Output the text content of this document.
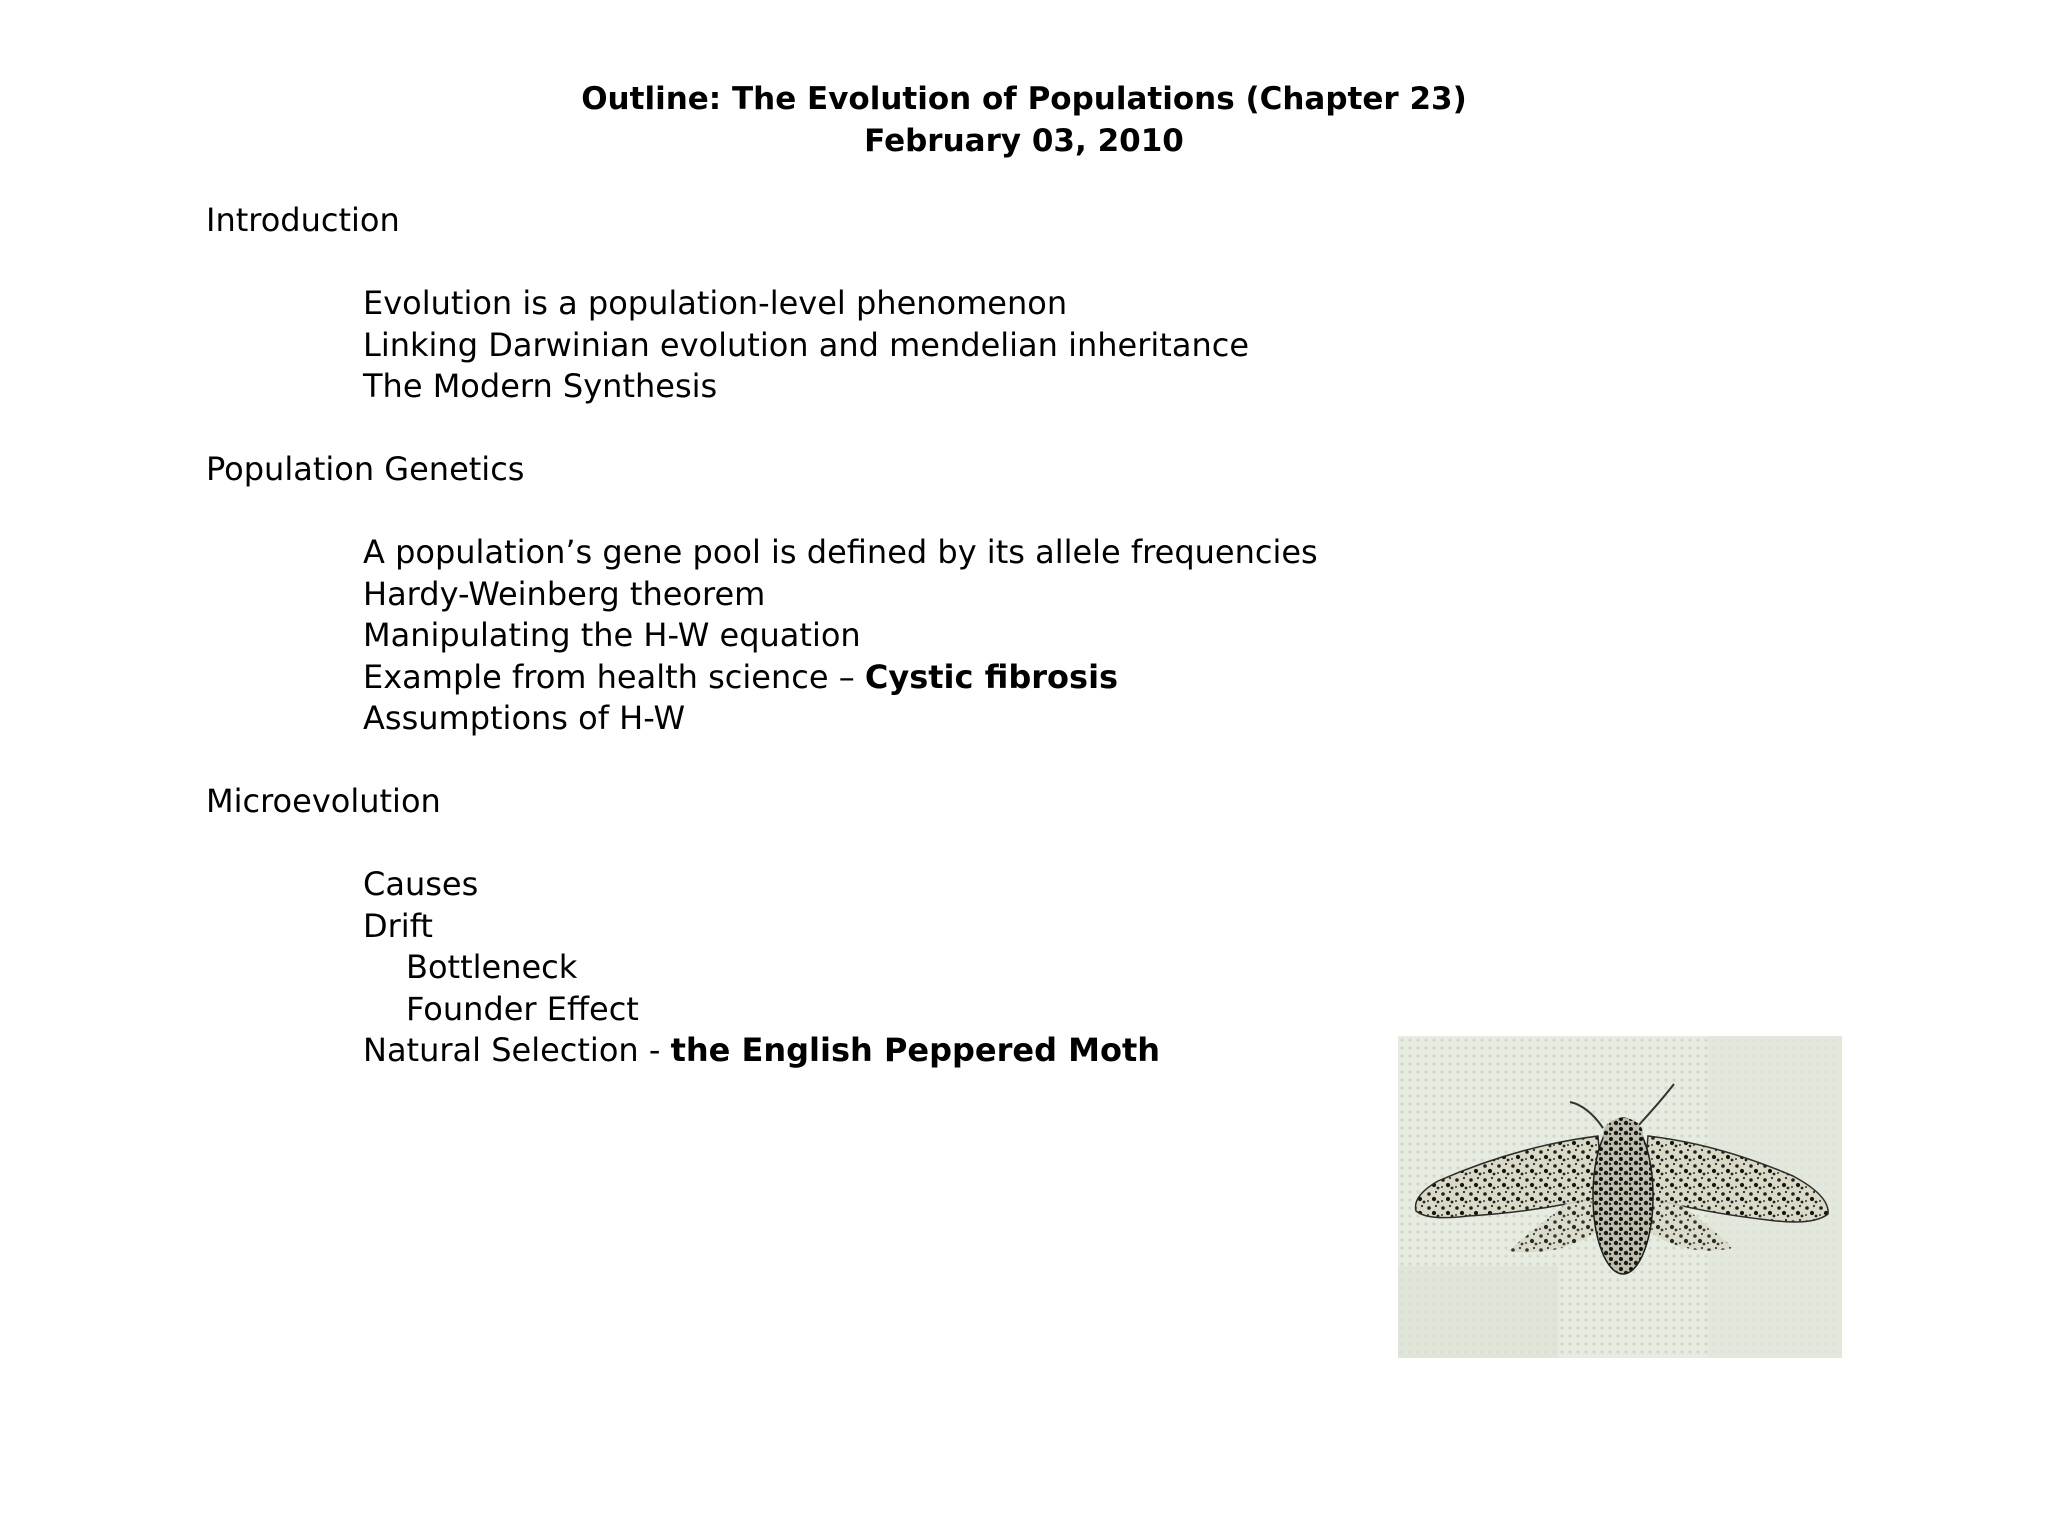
Outline: The Evolution of Populations (Chapter 23)
February 03, 2010
Introduction
Evolution is a population-level phenomenon
Linking Darwinian evolution and mendelian inheritance
The Modern Synthesis
Population Genetics
A population’s gene pool is defined by its allele frequencies
Hardy-Weinberg theorem
Manipulating the H-W equation
Example from health science – Cystic fibrosis
Assumptions of H-W
Microevolution
Causes
Drift
Bottleneck
Founder Effect
Natural Selection - the English Peppered Moth
